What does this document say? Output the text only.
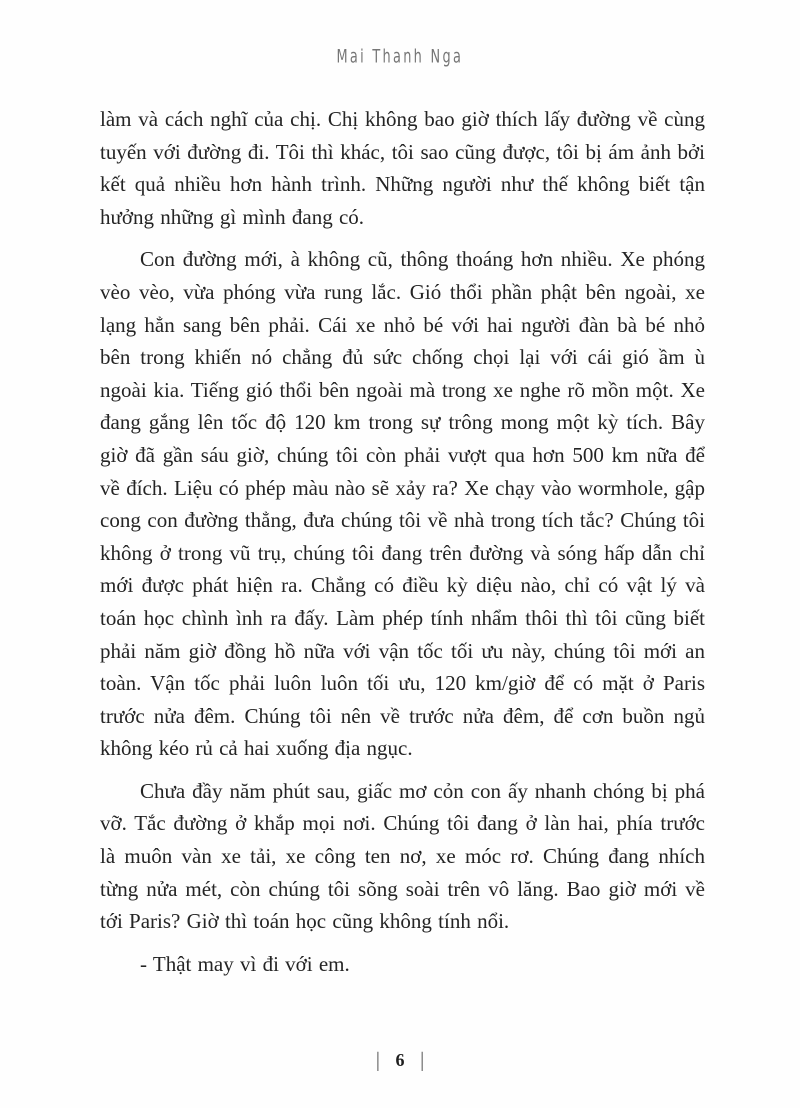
Mai Thanh Nga

làm và cách nghĩ của chị. Chị không bao giờ thích lấy đường về cùng tuyến với đường đi. Tôi thì khác, tôi sao cũng được, tôi bị ám ảnh bởi kết quả nhiều hơn hành trình. Những người như thế không biết tận hưởng những gì mình đang có.

Con đường mới, à không cũ, thông thoáng hơn nhiều. Xe phóng vèo vèo, vừa phóng vừa rung lắc. Gió thổi phần phật bên ngoài, xe lạng hẳn sang bên phải. Cái xe nhỏ bé với hai người đàn bà bé nhỏ bên trong khiến nó chẳng đủ sức chống chọi lại với cái gió ầm ù ngoài kia. Tiếng gió thổi bên ngoài mà trong xe nghe rõ mồn một. Xe đang gắng lên tốc độ 120 km trong sự trông mong một kỳ tích. Bây giờ đã gần sáu giờ, chúng tôi còn phải vượt qua hơn 500 km nữa để về đích. Liệu có phép màu nào sẽ xảy ra? Xe chạy vào wormhole, gập cong con đường thẳng, đưa chúng tôi về nhà trong tích tắc? Chúng tôi không ở trong vũ trụ, chúng tôi đang trên đường và sóng hấp dẫn chỉ mới được phát hiện ra. Chẳng có điều kỳ diệu nào, chỉ có vật lý và toán học chình ình ra đấy. Làm phép tính nhẩm thôi thì tôi cũng biết phải năm giờ đồng hồ nữa với vận tốc tối ưu này, chúng tôi mới an toàn. Vận tốc phải luôn luôn tối ưu, 120 km/giờ để có mặt ở Paris trước nửa đêm. Chúng tôi nên về trước nửa đêm, để cơn buồn ngủ không kéo rủ cả hai xuống địa ngục.

Chưa đầy năm phút sau, giấc mơ cỏn con ấy nhanh chóng bị phá vỡ. Tắc đường ở khắp mọi nơi. Chúng tôi đang ở làn hai, phía trước là muôn vàn xe tải, xe công ten nơ, xe móc rơ. Chúng đang nhích từng nửa mét, còn chúng tôi sõng soài trên vô lăng. Bao giờ mới về tới Paris? Giờ thì toán học cũng không tính nổi.

- Thật may vì đi với em.

| 6 |
